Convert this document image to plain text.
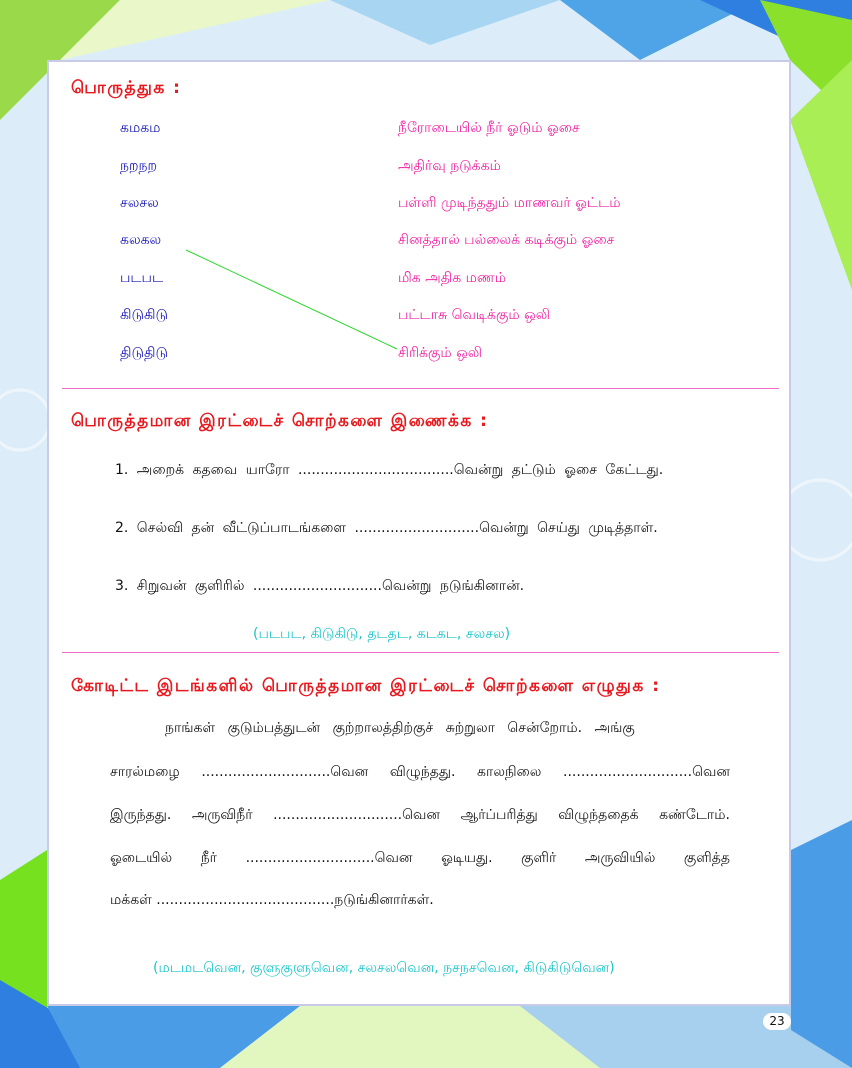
பொருத்துக :
கமகம
நறநற
சலசல
கலகல
படபட
கிடுகிடு
திடுதிடு
நீரோடையில் நீர் ஓடும் ஓசை
அதிர்வு நடுக்கம்
பள்ளி முடிந்ததும் மாணவர் ஓட்டம்
சினத்தால் பல்லைக் கடிக்கும் ஓசை
மிக அதிக மணம்
பட்டாசு வெடிக்கும் ஒலி
சிரிக்கும் ஒலி
பொருத்தமான இரட்டைச் சொற்களை இணைக்க :
1. அறைக் கதவை யாரோ ...................................வென்று தட்டும் ஓசை கேட்டது.
2. செல்வி தன் வீட்டுப்பாடங்களை ............................வென்று செய்து முடித்தாள்.
3. சிறுவன் குளிரில் .............................வென்று நடுங்கினான்.
(படபட, கிடுகிடு, தடதட, கடகட, சலசல)
கோடிட்ட இடங்களில் பொருத்தமான இரட்டைச் சொற்களை எழுதுக :
நாங்கள் குடும்பத்துடன் குற்றாலத்திற்குச் சுற்றுலா சென்றோம். அங்கு
சாரல்மழை .............................வென விழுந்தது. காலநிலை .............................வென
இருந்தது. அருவிநீர் .............................வென ஆர்ப்பரித்து விழுந்ததைக் கண்டோம்.
ஓடையில் நீர் .............................வென ஓடியது. குளிர் அருவியில் குளித்த
மக்கள் ........................................நடுங்கினார்கள்.
(மடமடவென, குளுகுளுவென, சலசலவென, நசநசவென, கிடுகிடுவென)
23
